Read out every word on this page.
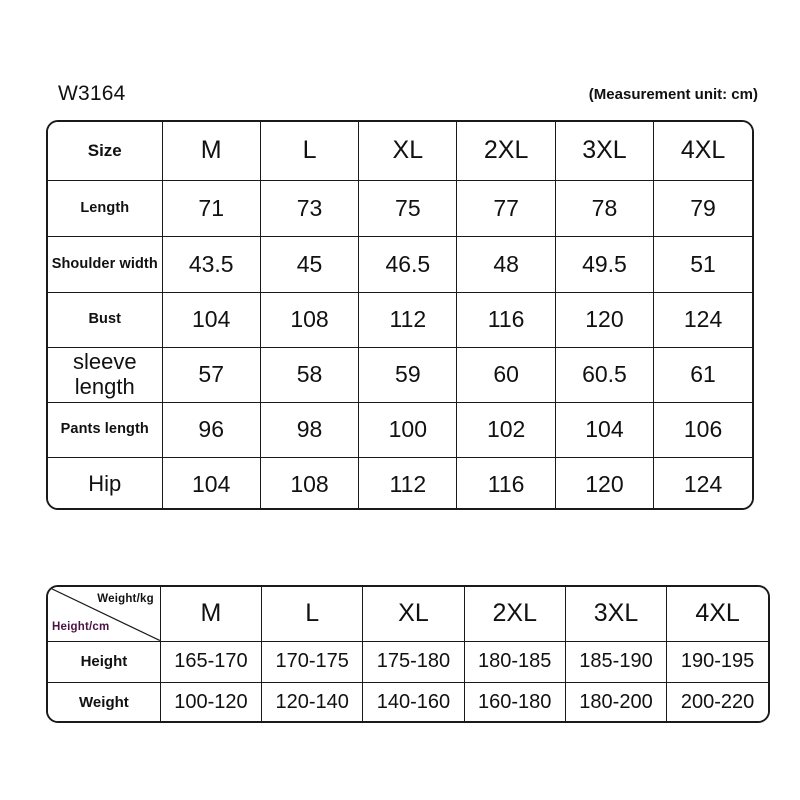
W3164	(Measurement unit: cm)
Size	M	L	XL	2XL	3XL	4XL
Length	71	73	75	77	78	79
Shoulder width	43.5	45	46.5	48	49.5	51
Bust	104	108	112	116	120	124
sleeve length	57	58	59	60	60.5	61
Pants length	96	98	100	102	104	106
Hip	104	108	112	116	120	124
Weight/kg
Height/cm	M	L	XL	2XL	3XL	4XL
Height	165-170	170-175	175-180	180-185	185-190	190-195
Weight	100-120	120-140	140-160	160-180	180-200	200-220
